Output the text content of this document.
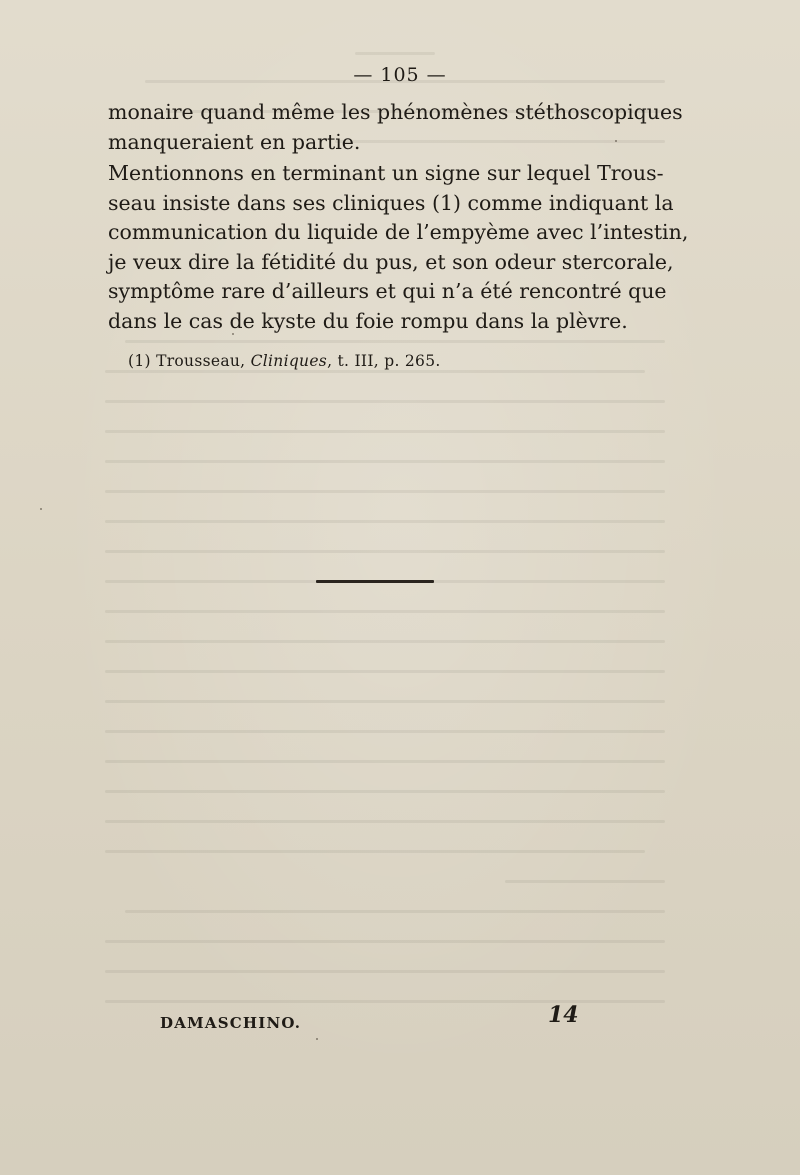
— 105 —
monaire quand même les phénomènes stéthoscopiques
manqueraient en partie.
Mentionnons en terminant un signe sur lequel Trous-
seau insiste dans ses cliniques (1) comme indiquant la
communication du liquide de l’empyème avec l’intestin,
je veux dire la fétidité du pus, et son odeur stercorale,
symptôme rare d’ailleurs et qui n’a été rencontré que
dans le cas de kyste du foie rompu dans la plèvre.
(1) Trousseau, Cliniques, t. III, p. 265.
DAMASCHINO.	14
